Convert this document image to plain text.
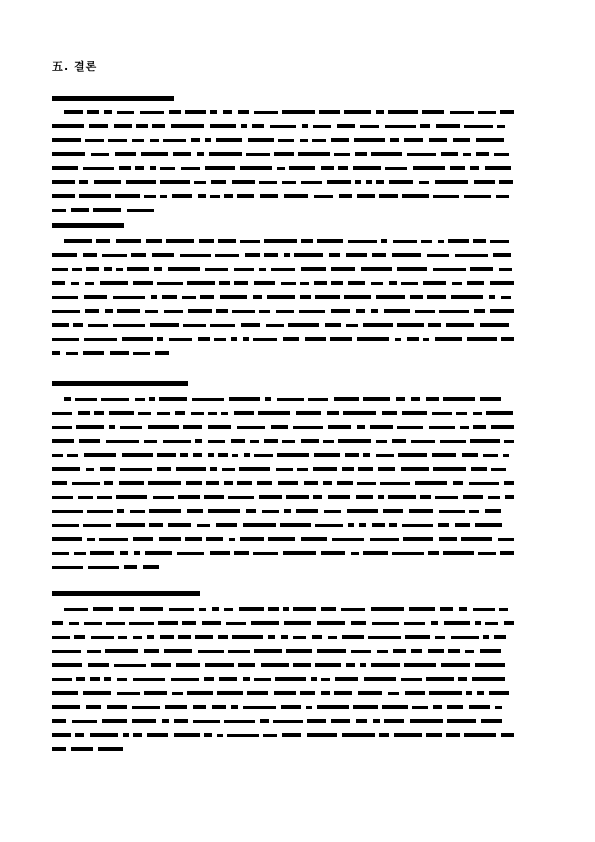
五. 결론
